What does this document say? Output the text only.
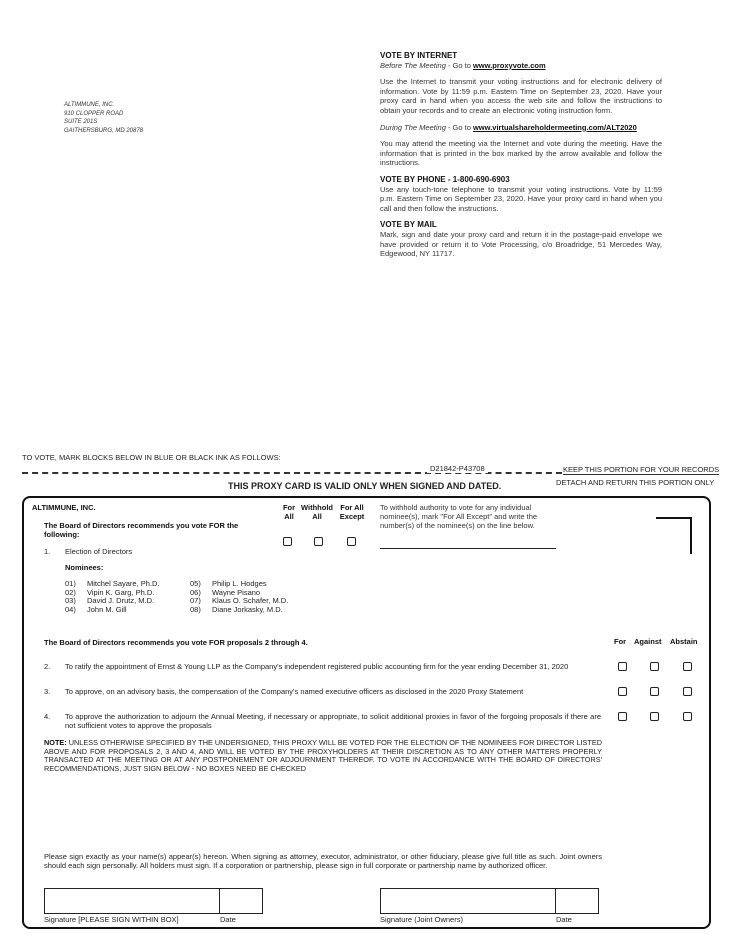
ALTIMMUNE, INC.
910 CLOPPER ROAD
SUITE 201S
GAITHERSBURG, MD 20878
VOTE BY INTERNET

Before The Meeting - Go to www.proxyvote.com

Use the Internet to transmit your voting instructions and for electronic delivery of information. Vote by 11:59 p.m. Eastern Time on September 23, 2020. Have your proxy card in hand when you access the web site and follow the instructions to obtain your records and to create an electronic voting instruction form.

During The Meeting - Go to www.virtualshareholdermeeting.com/ALT2020

You may attend the meeting via the Internet and vote during the meeting. Have the information that is printed in the box marked by the arrow available and follow the instructions.

VOTE BY PHONE - 1-800-690-6903

Use any touch-tone telephone to transmit your voting instructions. Vote by 11:59 p.m. Eastern Time on September 23, 2020. Have your proxy card in hand when you call and then follow the instructions.

VOTE BY MAIL

Mark, sign and date your proxy card and return it in the postage-paid envelope we have provided or return it to Vote Processing, c/o Broadridge, 51 Mercedes Way, Edgewood, NY 11717.

TO VOTE, MARK BLOCKS BELOW IN BLUE OR BLACK INK AS FOLLOWS:
D21842-P43708	KEEP THIS PORTION FOR YOUR RECORDS
DETACH AND RETURN THIS PORTION ONLY
THIS PROXY CARD IS VALID ONLY WHEN SIGNED AND DATED.
ALTIMMUNE, INC.
The Board of Directors recommends you vote FOR the following:
For
All
Withhold
All
For All
Except
To withhold authority to vote for any individual nominee(s), mark "For All Except" and write the number(s) of the nominee(s) on the line below.
1. Election of Directors
Nominees:
01) Mitchel Sayare, Ph.D.
02) Vipin K. Garg, Ph.D.
03) David J. Drutz, M.D.
04) John M. Gill
05) Philip L. Hodges
06) Wayne Pisano
07) Klaus O. Schafer, M.D.
08) Diane Jorkasky, M.D.
The Board of Directors recommends you vote FOR proposals 2 through 4.	For Against Abstain
2. To ratify the appointment of Ernst & Young LLP as the Company's independent registered public accounting firm for the year ending December 31, 2020
3. To approve, on an advisory basis, the compensation of the Company's named executive officers as disclosed in the 2020 Proxy Statement
4. To approve the authorization to adjourn the Annual Meeting, if necessary or appropriate, to solicit additional proxies in favor of the forgoing proposals if there are not sufficient votes to approve the proposals
NOTE: UNLESS OTHERWISE SPECIFIED BY THE UNDERSIGNED, THIS PROXY WILL BE VOTED FOR THE ELECTION OF THE NOMINEES FOR DIRECTOR LISTED ABOVE AND FOR PROPOSALS 2, 3 AND 4, AND WILL BE VOTED BY THE PROXYHOLDERS AT THEIR DISCRETION AS TO ANY OTHER MATTERS PROPERLY TRANSACTED AT THE MEETING OR AT ANY POSTPONEMENT OR ADJOURNMENT THEREOF. TO VOTE IN ACCORDANCE WITH THE BOARD OF DIRECTORS' RECOMMENDATIONS, JUST SIGN BELOW - NO BOXES NEED BE CHECKED
Please sign exactly as your name(s) appear(s) hereon. When signing as attorney, executor, administrator, or other fiduciary, please give full title as such. Joint owners should each sign personally. All holders must sign. If a corporation or partnership, please sign in full corporate or partnership name by authorized officer.
Signature [PLEASE SIGN WITHIN BOX]	Date	Signature (Joint Owners)	Date
